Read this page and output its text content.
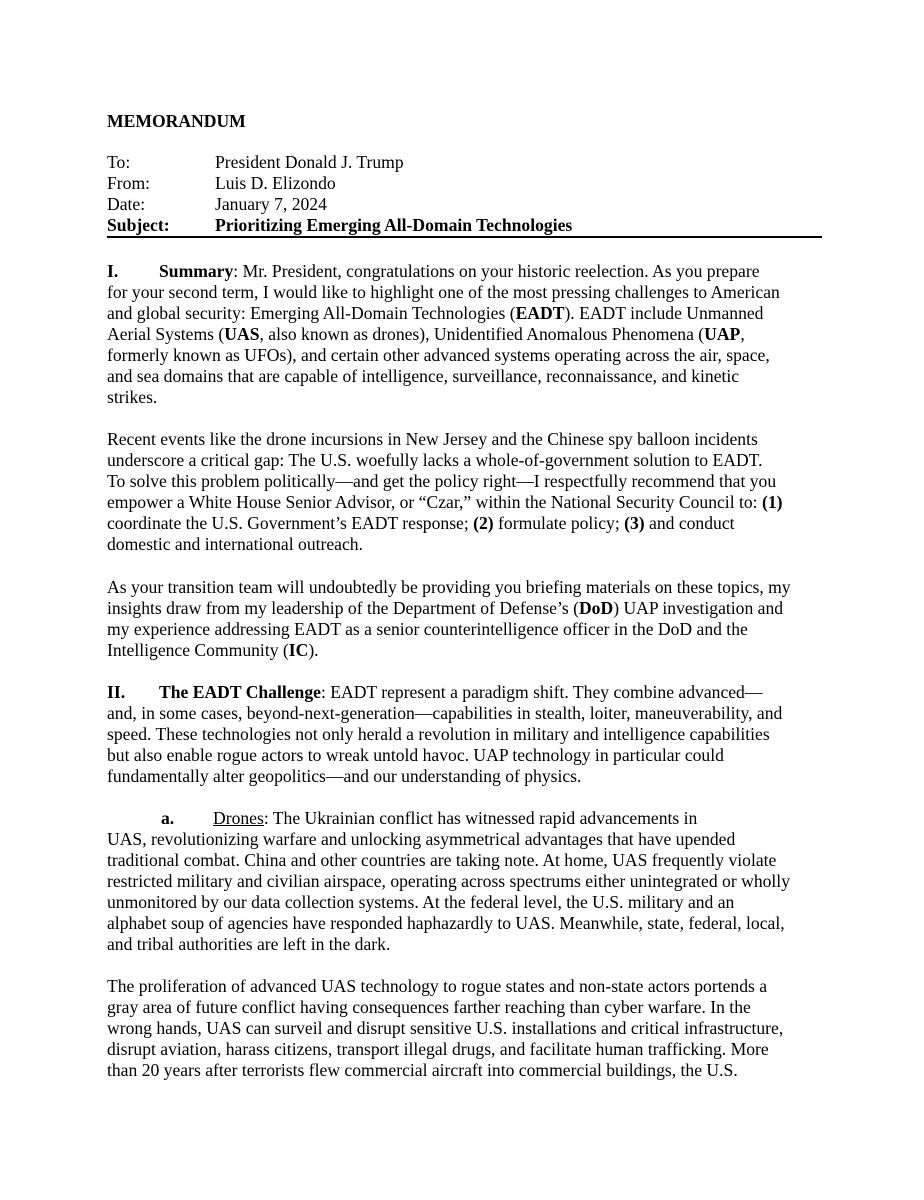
MEMORANDUM
To:	President Donald J. Trump
From:	Luis D. Elizondo
Date:	January 7, 2024
Subject:	Prioritizing Emerging All-Domain Technologies
I. Summary: Mr. President, congratulations on your historic reelection. As you prepare
for your second term, I would like to highlight one of the most pressing challenges to American
and global security: Emerging All-Domain Technologies (EADT). EADT include Unmanned
Aerial Systems (UAS, also known as drones), Unidentified Anomalous Phenomena (UAP,
formerly known as UFOs), and certain other advanced systems operating across the air, space,
and sea domains that are capable of intelligence, surveillance, reconnaissance, and kinetic
strikes.
Recent events like the drone incursions in New Jersey and the Chinese spy balloon incidents
underscore a critical gap: The U.S. woefully lacks a whole-of-government solution to EADT.
To solve this problem politically—and get the policy right—I respectfully recommend that you
empower a White House Senior Advisor, or “Czar,” within the National Security Council to: (1)
coordinate the U.S. Government’s EADT response; (2) formulate policy; (3) and conduct
domestic and international outreach.
As your transition team will undoubtedly be providing you briefing materials on these topics, my
insights draw from my leadership of the Department of Defense’s (DoD) UAP investigation and
my experience addressing EADT as a senior counterintelligence officer in the DoD and the
Intelligence Community (IC).
II. The EADT Challenge: EADT represent a paradigm shift. They combine advanced—
and, in some cases, beyond-next-generation—capabilities in stealth, loiter, maneuverability, and
speed. These technologies not only herald a revolution in military and intelligence capabilities
but also enable rogue actors to wreak untold havoc. UAP technology in particular could
fundamentally alter geopolitics—and our understanding of physics.
a. Drones: The Ukrainian conflict has witnessed rapid advancements in
UAS, revolutionizing warfare and unlocking asymmetrical advantages that have upended
traditional combat. China and other countries are taking note. At home, UAS frequently violate
restricted military and civilian airspace, operating across spectrums either unintegrated or wholly
unmonitored by our data collection systems. At the federal level, the U.S. military and an
alphabet soup of agencies have responded haphazardly to UAS. Meanwhile, state, federal, local,
and tribal authorities are left in the dark.
The proliferation of advanced UAS technology to rogue states and non-state actors portends a
gray area of future conflict having consequences farther reaching than cyber warfare. In the
wrong hands, UAS can surveil and disrupt sensitive U.S. installations and critical infrastructure,
disrupt aviation, harass citizens, transport illegal drugs, and facilitate human trafficking. More
than 20 years after terrorists flew commercial aircraft into commercial buildings, the U.S.
